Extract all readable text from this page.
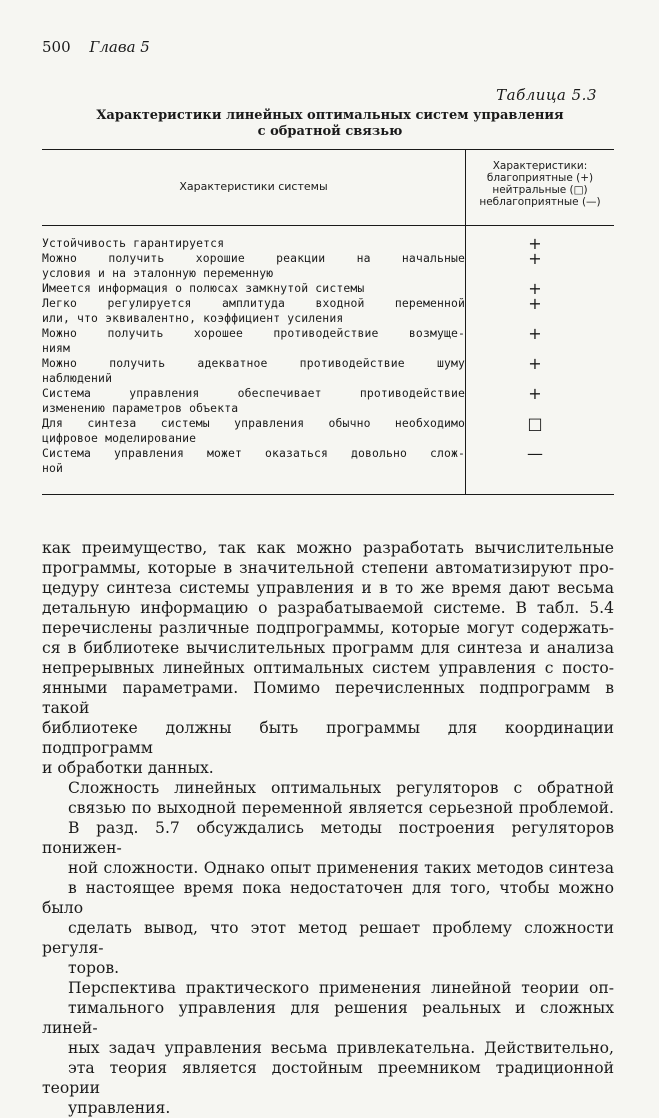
500 Глава 5
Таблица 5.3
Характеристики линейных оптимальных систем управления
с обратной связью
Характеристики системы
Характеристики:
благоприятные (+)
нейтральные (□)
неблагоприятные (—)
Устойчивость гарантируется
Можно получить хорошие реакции на начальные
условия и на эталонную переменную
Имеется информация о полюсах замкнутой системы
Легко регулируется амплитуда входной переменной
или, что эквивалентно, коэффициент усиления
Можно получить хорошее противодействие возмуще-
ниям
Можно получить адекватное противодействие шуму
наблюдений
Система управления обеспечивает противодействие
изменению параметров объекта
Для синтеза системы управления обычно необходимо
цифровое моделирование
Система управления может оказаться довольно слож-
ной
+
+
+
+
+
+
+
□
—

как преимущество, так как можно разработать вычислительные
программы, которые в значительной степени автоматизируют про-
цедуру синтеза системы управления и в то же время дают весьма
детальную информацию о разрабатываемой системе. В табл. 5.4
перечислены различные подпрограммы, которые могут содержать-
ся в библиотеке вычислительных программ для синтеза и анализа
непрерывных линейных оптимальных систем управления с посто-
янными параметрами. Помимо перечисленных подпрограмм в такой
библиотеке должны быть программы для координации подпрограмм
и обработки данных.

Сложность линейных оптимальных регуляторов с обратной
связью по выходной переменной является серьезной проблемой.
В разд. 5.7 обсуждались методы построения регуляторов понижен-
ной сложности. Однако опыт применения таких методов синтеза
в настоящее время пока недостаточен для того, чтобы можно было
сделать вывод, что этот метод решает проблему сложности регуля-
торов.

Перспектива практического применения линейной теории оп-
тимального управления для решения реальных и сложных линей-
ных задач управления весьма привлекательна. Действительно,
эта теория является достойным преемником традиционной теории
управления.
